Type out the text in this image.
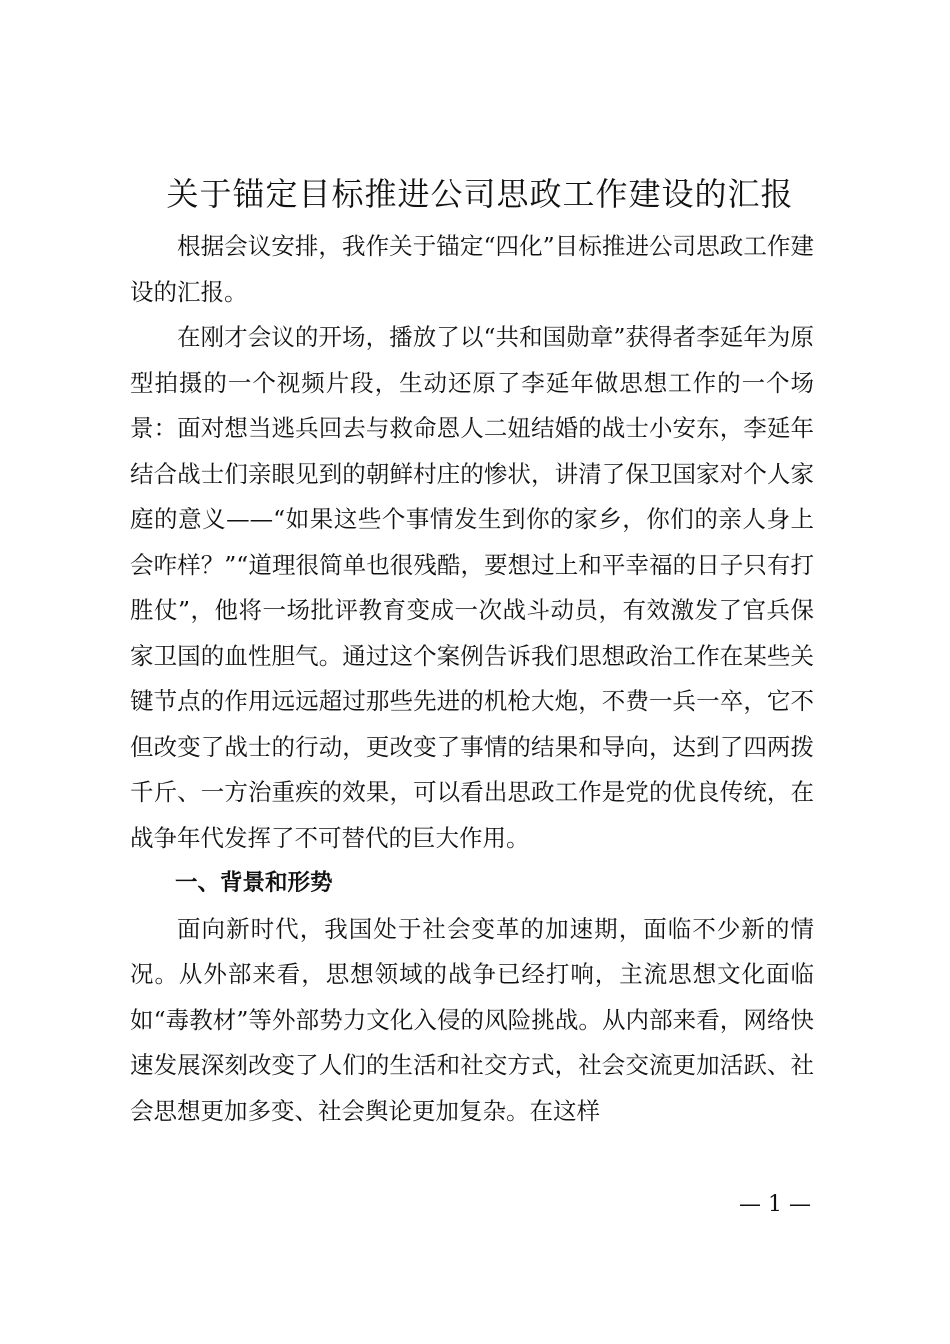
关于锚定目标推进公司思政工作建设的汇报

根据会议安排，我作关于锚定“四化”目标推进公司思政工作建设的汇报。

在刚才会议的开场，播放了以“共和国勋章”获得者李延年为原型拍摄的一个视频片段，生动还原了李延年做思想工作的一个场景：面对想当逃兵回去与救命恩人二妞结婚的战士小安东，李延年结合战士们亲眼见到的朝鲜村庄的惨状，讲清了保卫国家对个人家庭的意义——“如果这些个事情发生到你的家乡，你们的亲人身上会咋样？”“道理很简单也很残酷，要想过上和平幸福的日子只有打胜仗”，他将一场批评教育变成一次战斗动员，有效激发了官兵保家卫国的血性胆气。通过这个案例告诉我们思想政治工作在某些关键节点的作用远远超过那些先进的机枪大炮，不费一兵一卒，它不但改变了战士的行动，更改变了事情的结果和导向，达到了四两拨千斤、一方治重疾的效果，可以看出思政工作是党的优良传统，在战争年代发挥了不可替代的巨大作用。

一、背景和形势

面向新时代，我国处于社会变革的加速期，面临不少新的情况。从外部来看，思想领域的战争已经打响，主流思想文化面临如“毒教材”等外部势力文化入侵的风险挑战。从内部来看，网络快速发展深刻改变了人们的生活和社交方式，社会交流更加活跃、社会思想更加多变、社会舆论更加复杂。在这样

— 1 —
